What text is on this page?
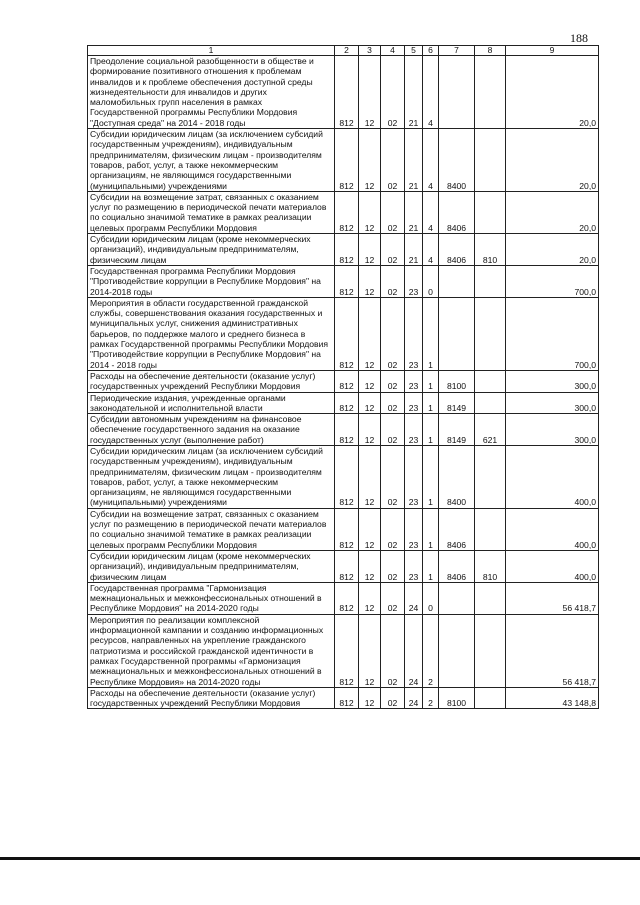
188
1	2	3	4	5	6	7	8	9
Преодоление социальной разобщенности в обществе и формирование позитивного отношения к проблемам инвалидов и к проблеме обеспечения доступной среды жизнедеятельности для инвалидов и других маломобильных групп населения в рамках Государственной программы Республики Мордовия "Доступная среда" на 2014 - 2018 годы	812	12	02	21	4			20,0
Субсидии юридическим лицам (за исключением субсидий государственным учреждениям), индивидуальным предпринимателям, физическим лицам - производителям товаров, работ, услуг, а также некоммерческим организациям, не являющимся государственными (муниципальными) учреждениями	812	12	02	21	4	8400		20,0
Субсидии на возмещение затрат, связанных с оказанием услуг по размещению в периодической печати материалов по социально значимой тематике в рамках реализации целевых программ Республики Мордовия	812	12	02	21	4	8406		20,0
Субсидии юридическим лицам (кроме некоммерческих организаций), индивидуальным предпринимателям, физическим лицам	812	12	02	21	4	8406	810	20,0
Государственная программа Республики Мордовия "Противодействие коррупции в Республике Мордовия" на 2014-2018 годы	812	12	02	23	0			700,0
Мероприятия в области государственной гражданской службы, совершенствования оказания государственных и муниципальных услуг, снижения административных барьеров, по поддержке малого и среднего бизнеса в рамках Государственной программы Республики Мордовия "Противодействие коррупции в Республике Мордовия" на 2014 - 2018 годы	812	12	02	23	1			700,0
Расходы на обеспечение деятельности (оказание услуг) государственных учреждений Республики Мордовия	812	12	02	23	1	8100		300,0
Периодические издания, учрежденные органами законодательной и исполнительной власти	812	12	02	23	1	8149		300,0
Субсидии автономным учреждениям на финансовое обеспечение государственного задания на оказание государственных услуг (выполнение работ)	812	12	02	23	1	8149	621	300,0
Субсидии юридическим лицам (за исключением субсидий государственным учреждениям), индивидуальным предпринимателям, физическим лицам - производителям товаров, работ, услуг, а также некоммерческим организациям, не являющимся государственными (муниципальными) учреждениями	812	12	02	23	1	8400		400,0
Субсидии на возмещение затрат, связанных с оказанием услуг по размещению в периодической печати материалов по социально значимой тематике в рамках реализации целевых программ Республики Мордовия	812	12	02	23	1	8406		400,0
Субсидии юридическим лицам (кроме некоммерческих организаций), индивидуальным предпринимателям, физическим лицам	812	12	02	23	1	8406	810	400,0
Государственная программа "Гармонизация межнациональных и межконфессиональных отношений в Республике Мордовия" на 2014-2020 годы	812	12	02	24	0			56 418,7
Мероприятия по реализации комплексной информационной кампании и созданию информационных ресурсов, направленных на укрепление гражданского патриотизма и российской гражданской идентичности в рамках Государственной программы «Гармонизация межнациональных и межконфессиональных отношений в Республике Мордовия» на 2014-2020 годы	812	12	02	24	2			56 418,7
Расходы на обеспечение деятельности (оказание услуг) государственных учреждений Республики Мордовия	812	12	02	24	2	8100		43 148,8
